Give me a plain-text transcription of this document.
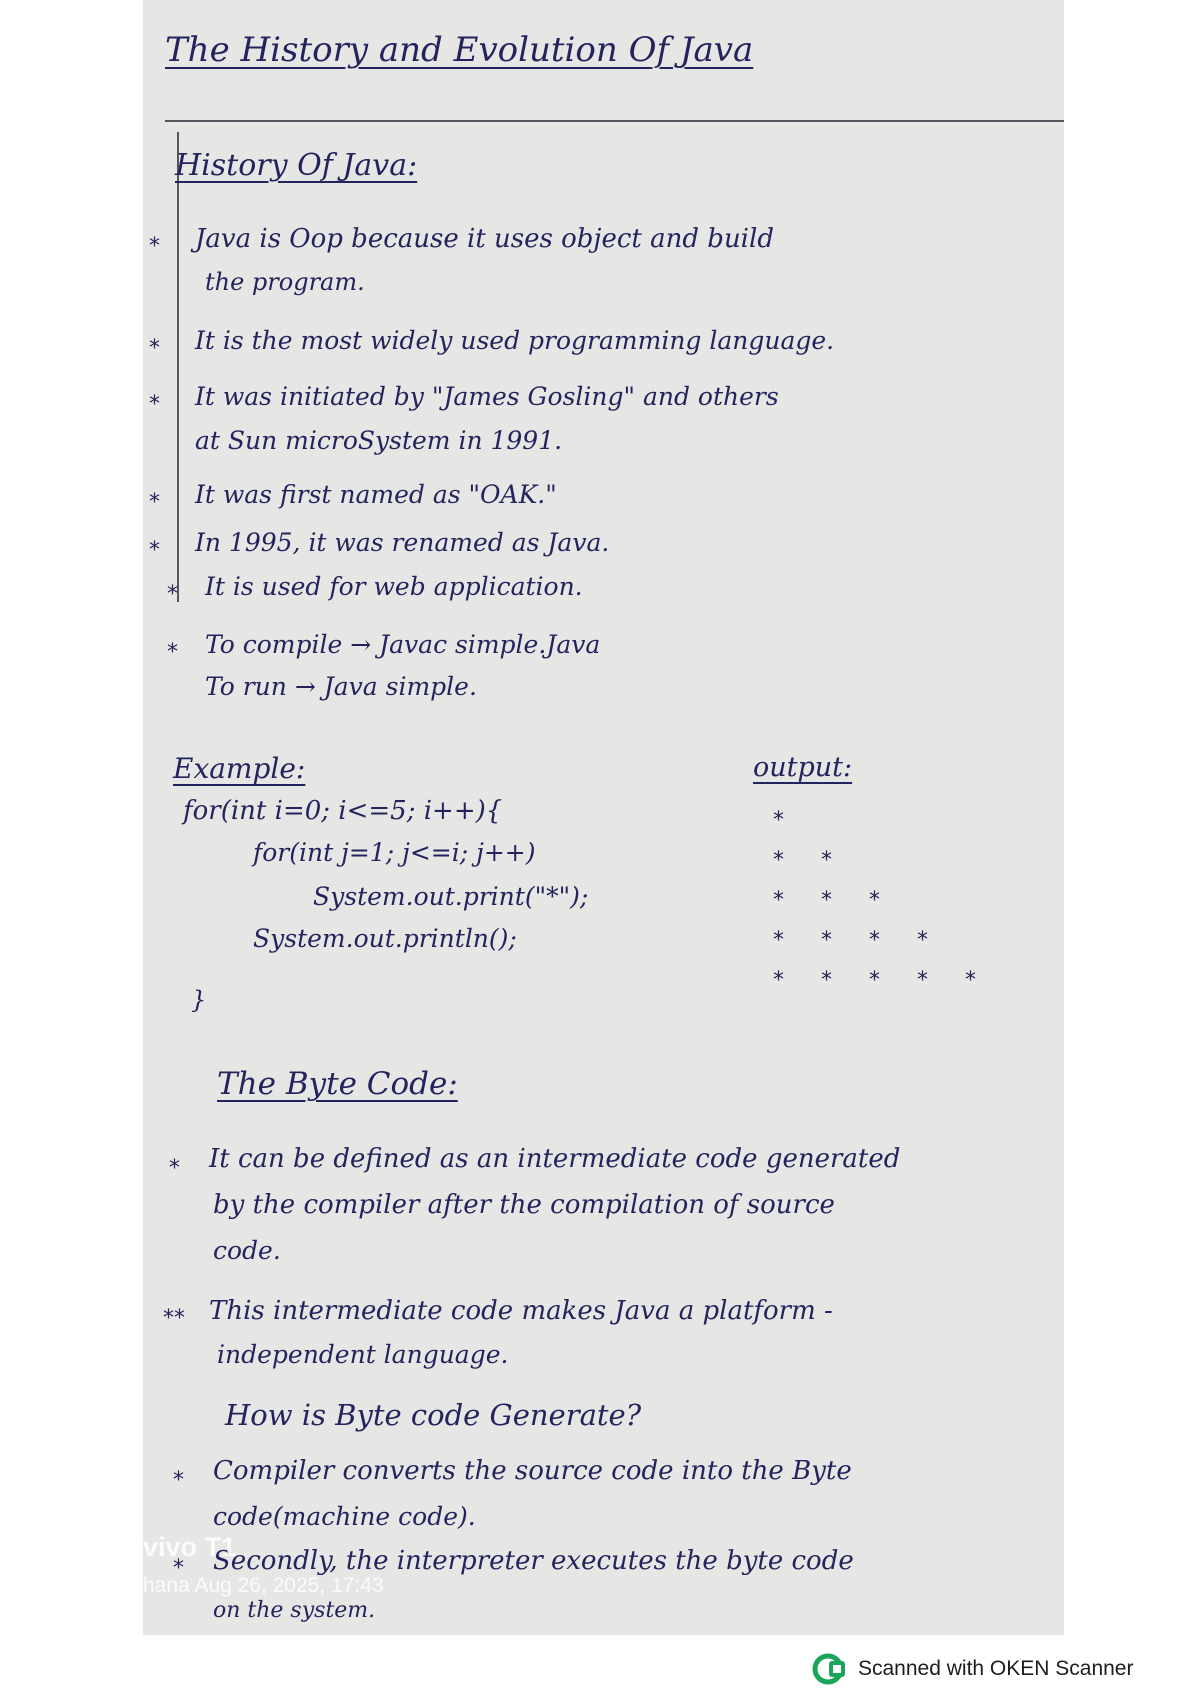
The History and Evolution Of Java

History Of Java:

* Java is Oop because it uses object and build

the program.

* It is the most widely used programming language.

* It was initiated by "James Gosling" and others

at Sun microSystem in 1991.

* It was first named as "OAK."

* In 1995, it was renamed as Java.

* It is used for web application.

* To compile → Javac simple.Java

To run → Java simple.

Example:

for(int i=0; i<=5; i++){

for(int j=1; j<=i; j++)

System.out.print("*");

System.out.println();

}

output:

*
* *
* * *
* * * *
* * * * *

The Byte Code:

* It can be defined as an intermediate code generated

by the compiler after the compilation of source

code.

** This intermediate code makes Java a platform -

independent language.

How is Byte code Generate?

* Compiler converts the source code into the Byte

code(machine code).

* Secondly, the interpreter executes the byte code

on the system.

vivo T1

hana Aug 26, 2025, 17:43

Scanned with OKEN Scanner
